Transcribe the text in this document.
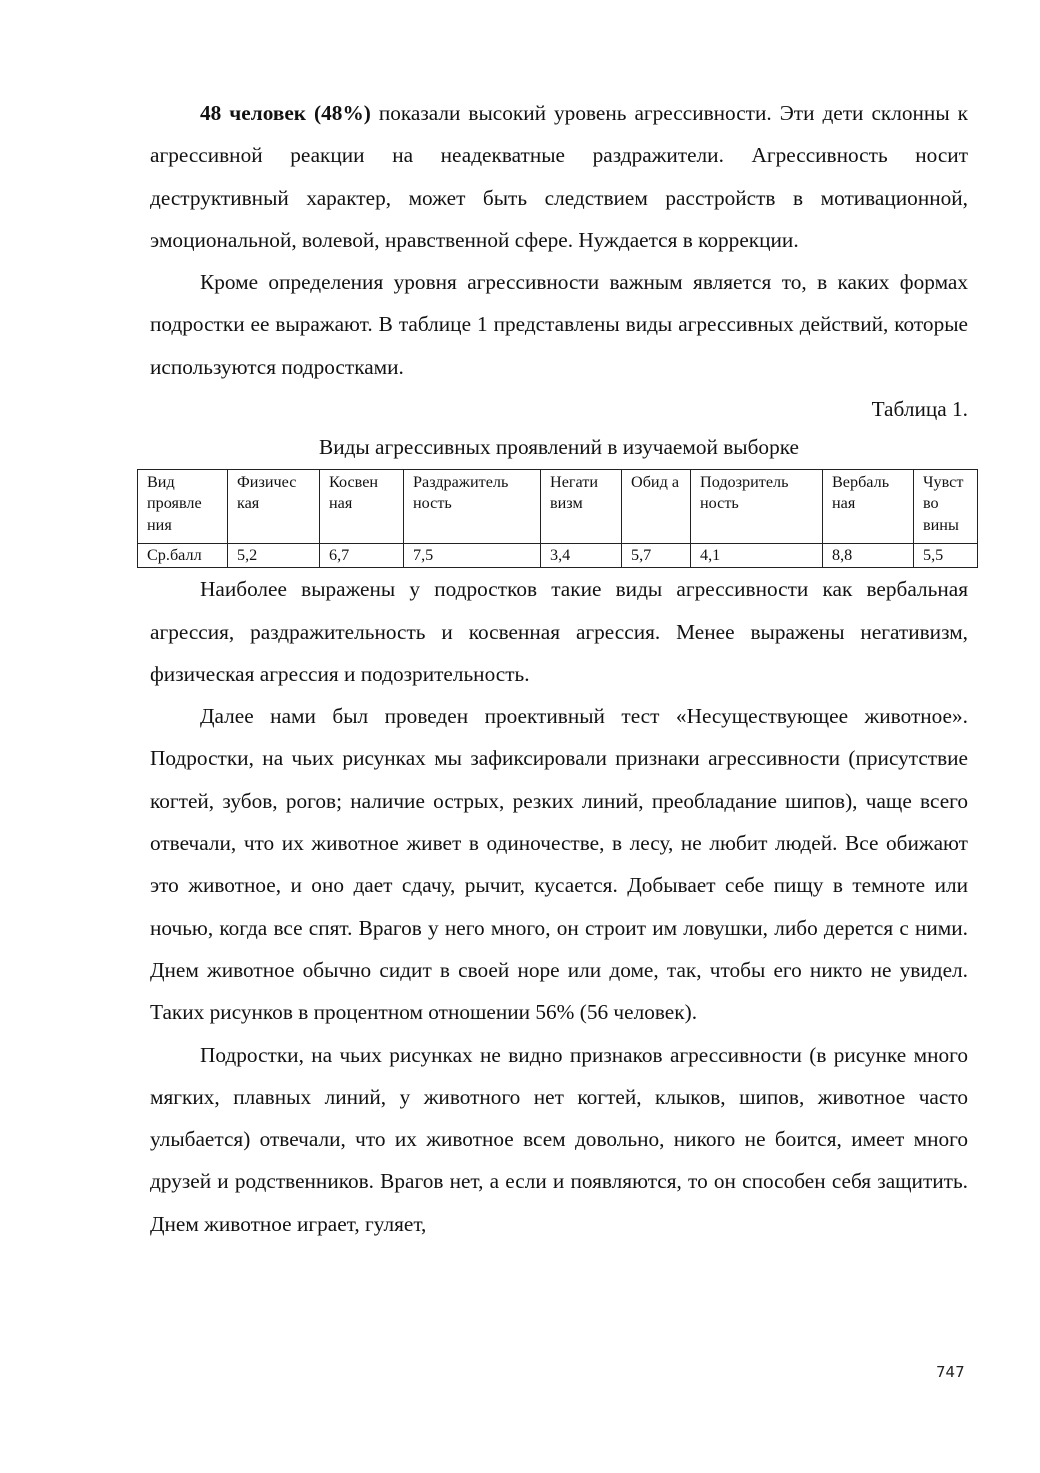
48 человек (48%) показали высокий уровень агрессивности. Эти дети склонны к агрессивной реакции на неадекватные раздражители. Агрессивность носит деструктивный характер, может быть следствием расстройств в мотивационной, эмоциональной, волевой, нравственной сфере. Нуждается в коррекции.

Кроме определения уровня агрессивности важным является то, в каких формах подростки ее выражают. В таблице 1 представлены виды агрессивных действий, которые используются подростками.

Таблица 1.

Виды агрессивных проявлений в изучаемой выборке

Вид проявле ния	Физичес кая	Косвен ная	Раздражитель ность	Негати визм	Обид а	Подозритель ность	Вербаль ная	Чувст во вины
Ср.балл	5,2	6,7	7,5	3,4	5,7	4,1	8,8	5,5

Наиболее выражены у подростков такие виды агрессивности как вербальная агрессия, раздражительность и косвенная агрессия. Менее выражены негативизм, физическая агрессия и подозрительность.

Далее нами был проведен проективный тест «Несуществующее животное». Подростки, на чьих рисунках мы зафиксировали признаки агрессивности (присутствие когтей, зубов, рогов; наличие острых, резких линий, преобладание шипов), чаще всего отвечали, что их животное живет в одиночестве, в лесу, не любит людей. Все обижают это животное, и оно дает сдачу, рычит, кусается. Добывает себе пищу в темноте или ночью, когда все спят. Врагов у него много, он строит им ловушки, либо дерется с ними. Днем животное обычно сидит в своей норе или доме, так, чтобы его никто не увидел. Таких рисунков в процентном отношении 56% (56 человек).

Подростки, на чьих рисунках не видно признаков агрессивности (в рисунке много мягких, плавных линий, у животного нет когтей, клыков, шипов, животное часто улыбается) отвечали, что их животное всем довольно, никого не боится, имеет много друзей и родственников. Врагов нет, а если и появляются, то он способен себя защитить. Днем животное играет, гуляет,

747
